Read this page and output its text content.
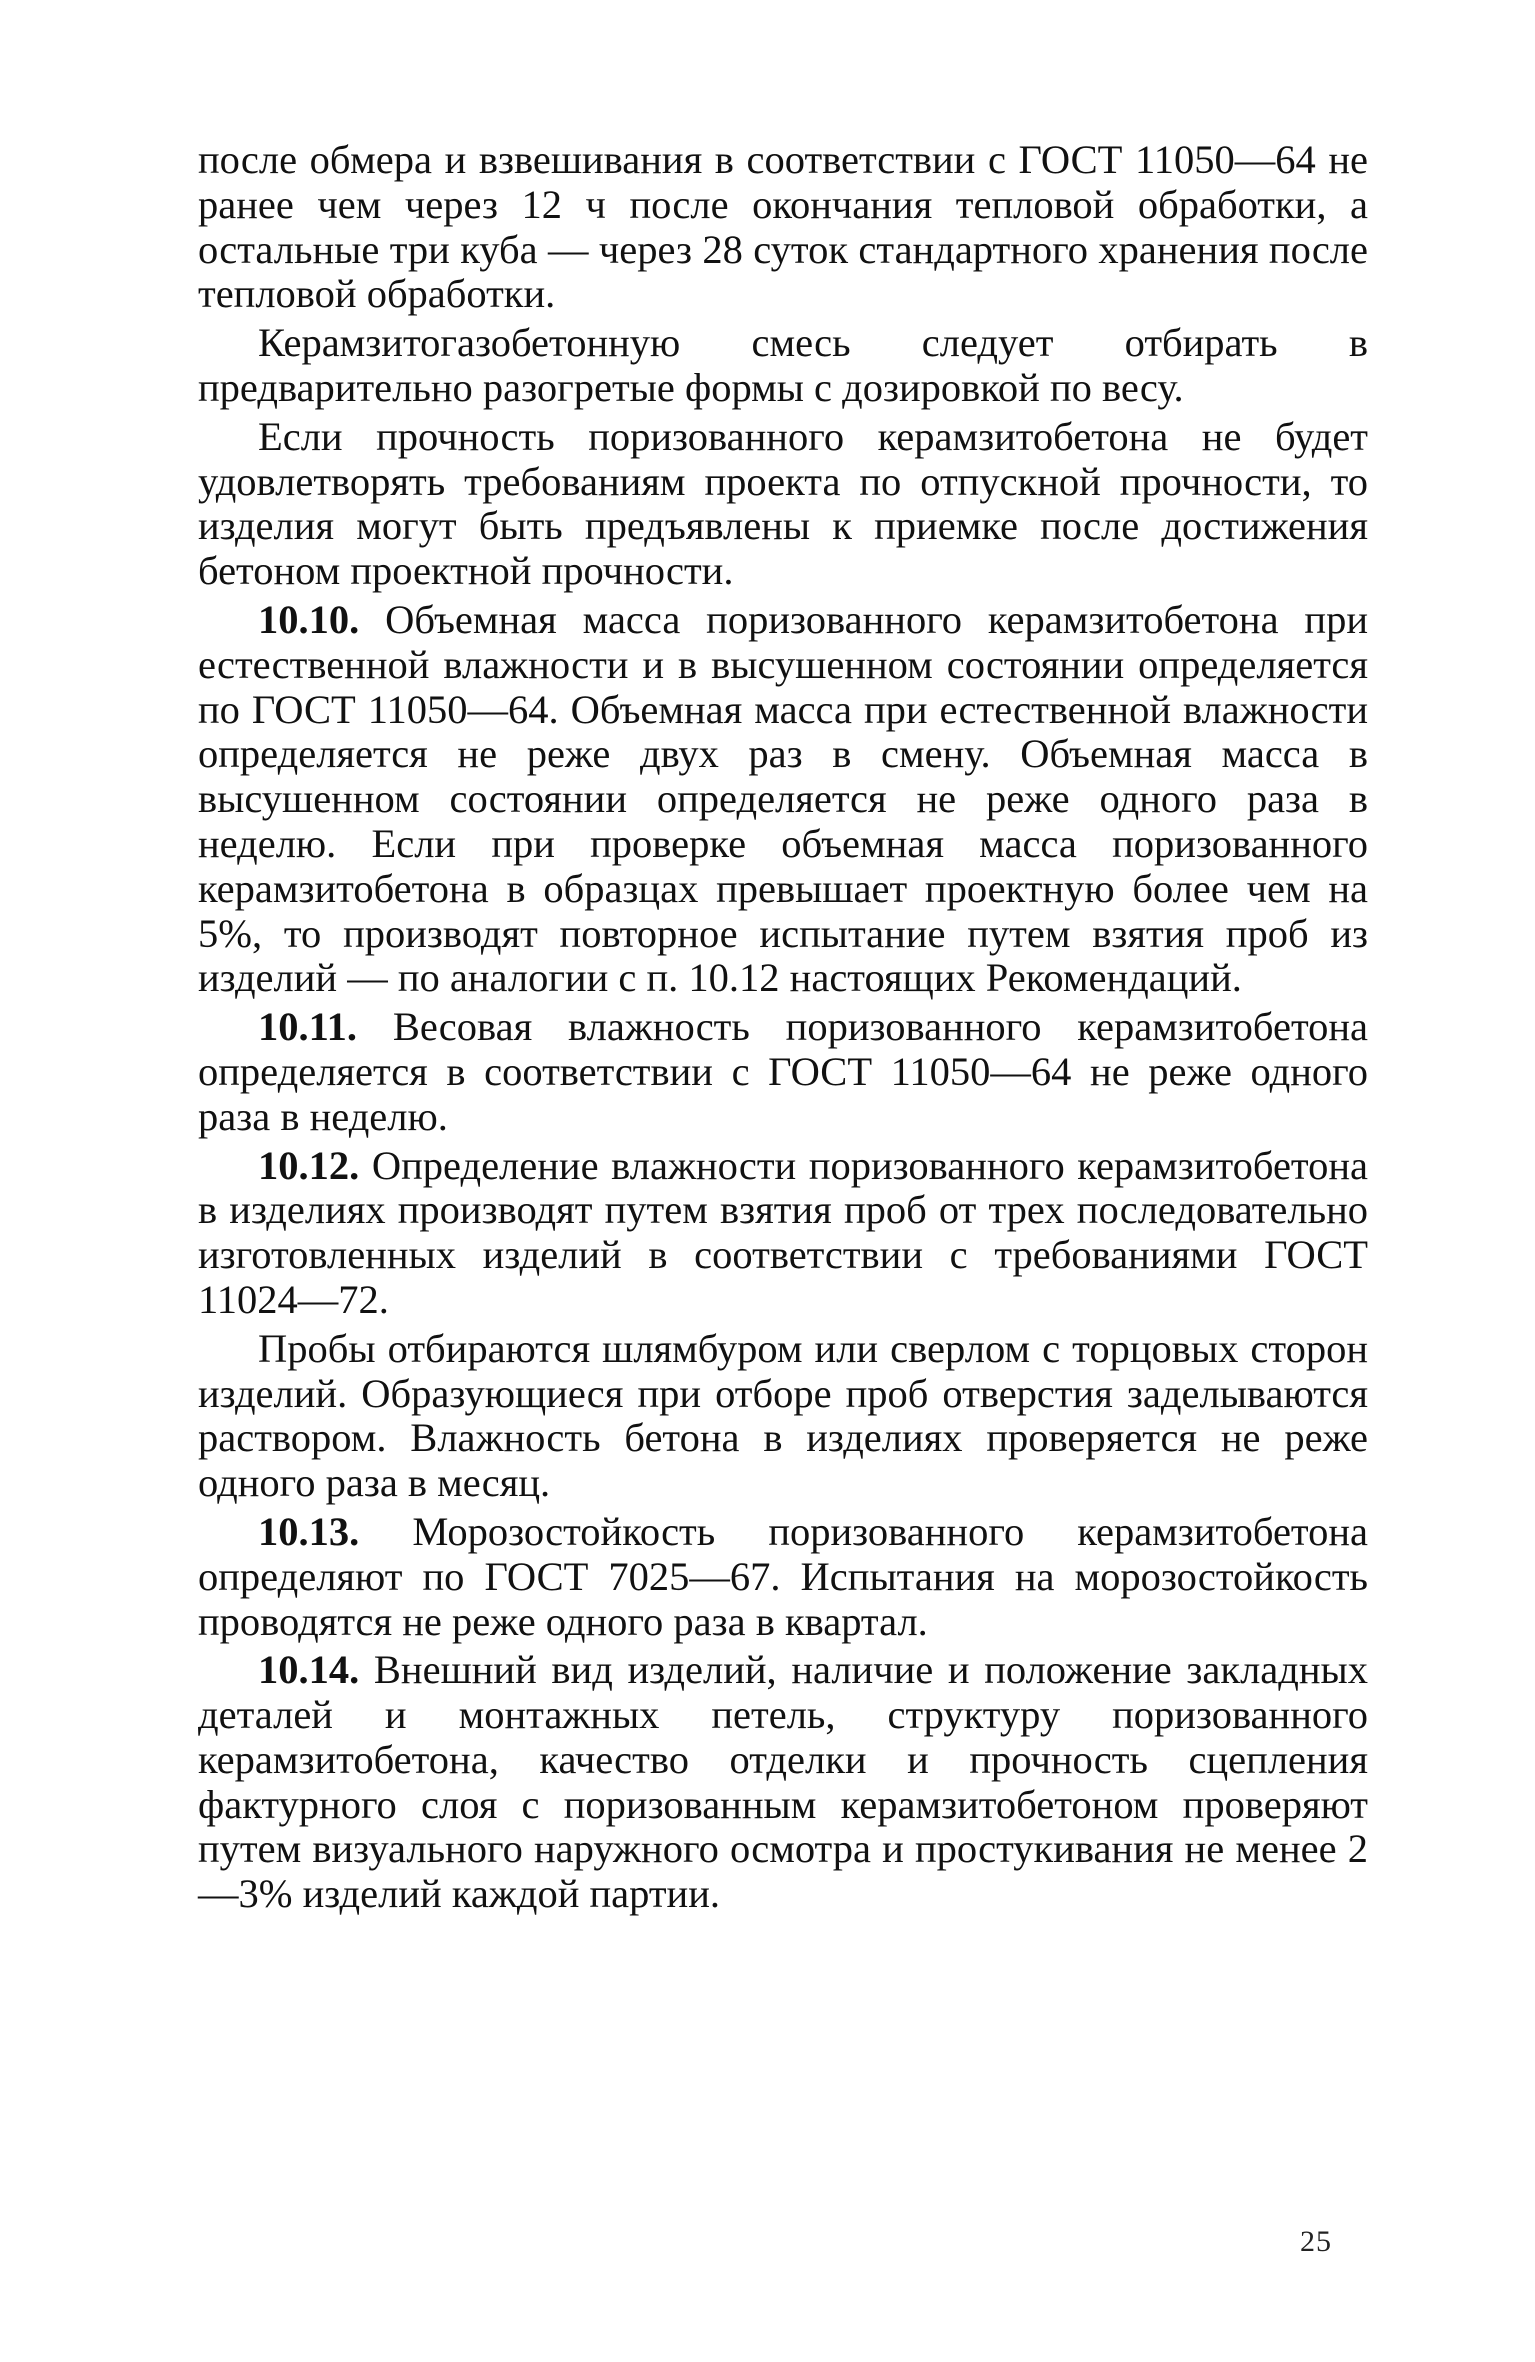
после обмера и взвешивания в соответствии с ГОСТ 11050—64 не ранее чем через 12 ч после окончания тепловой обработки, а остальные три куба — через 28 суток стандартного хранения после тепловой обработки.

Керамзитогазобетонную смесь следует отбирать в предварительно разогретые формы с дозировкой по весу.

Если прочность поризованного керамзитобетона не будет удовлетворять требованиям проекта по отпускной прочности, то изделия могут быть предъявлены к приемке после достижения бетоном проектной прочности.

10.10. Объемная масса поризованного керамзитобетона при естественной влажности и в высушенном состоянии определяется по ГОСТ 11050—64. Объемная масса при естественной влажности определяется не реже двух раз в смену. Объемная масса в высушенном состоянии определяется не реже одного раза в неделю. Если при проверке объемная масса поризованного керамзитобетона в образцах превышает проектную более чем на 5%, то производят повторное испытание путем взятия проб из изделий — по аналогии с п. 10.12 настоящих Рекомендаций.

10.11. Весовая влажность поризованного керамзитобетона определяется в соответствии с ГОСТ 11050—64 не реже одного раза в неделю.

10.12. Определение влажности поризованного керамзитобетона в изделиях производят путем взятия проб от трех последовательно изготовленных изделий в соответствии с требованиями ГОСТ 11024—72.

Пробы отбираются шлямбуром или сверлом с торцовых сторон изделий. Образующиеся при отборе проб отверстия заделываются раствором. Влажность бетона в изделиях проверяется не реже одного раза в месяц.

10.13. Морозостойкость поризованного керамзитобетона определяют по ГОСТ 7025—67. Испытания на морозостойкость проводятся не реже одного раза в квартал.

10.14. Внешний вид изделий, наличие и положение закладных деталей и монтажных петель, структуру поризованного керамзитобетона, качество отделки и прочность сцепления фактурного слоя с поризованным керамзитобетоном проверяют путем визуального наружного осмотра и простукивания не менее 2—3% изделий каждой партии.

25
